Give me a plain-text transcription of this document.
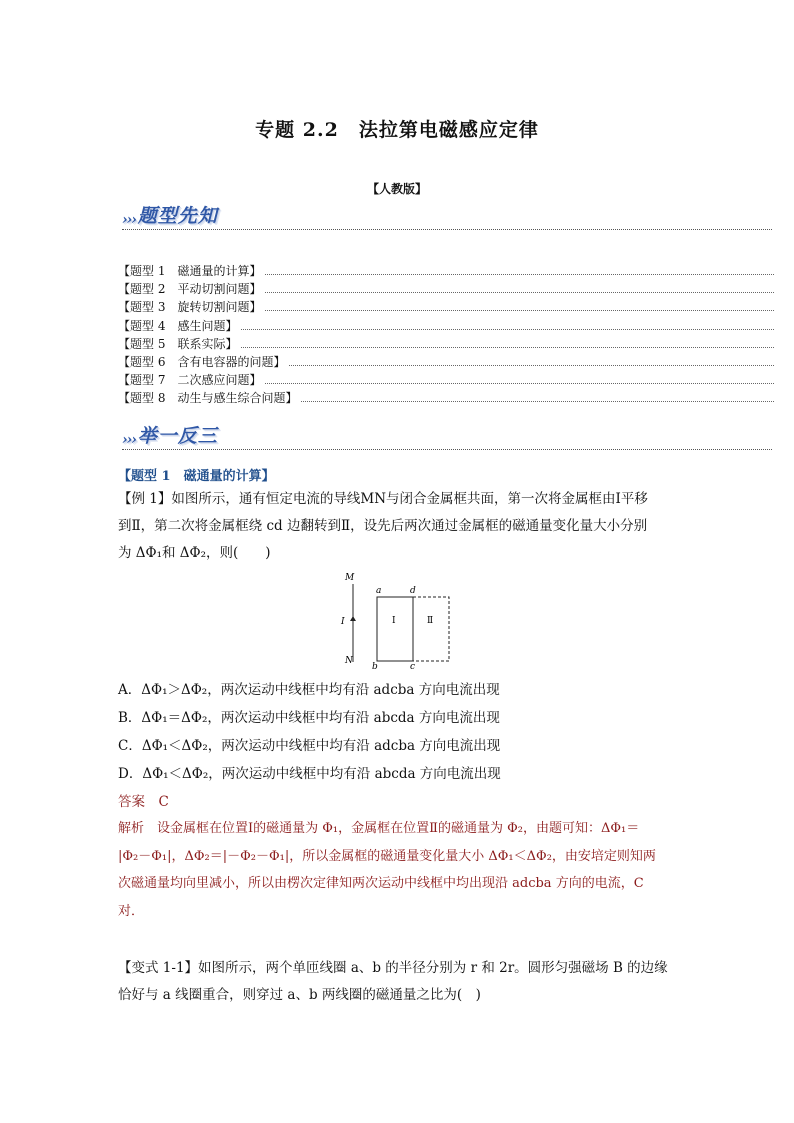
专题 2.2　法拉第电磁感应定律
【人教版】
››› 题型先知
【题型 1　磁通量的计算】
【题型 2　平动切割问题】
【题型 3　旋转切割问题】
【题型 4　感生问题】
【题型 5　联系实际】
【题型 6　含有电容器的问题】
【题型 7　二次感应问题】
【题型 8　动生与感生综合问题】
››› 举一反三
【题型 1　磁通量的计算】
【例 1】如图所示，通有恒定电流的导线MN与闭合金属框共面，第一次将金属框由Ⅰ平移
到Ⅱ，第二次将金属框绕 cd 边翻转到Ⅱ，设先后两次通过金属框的磁通量变化量大小分别
为 ΔΦ₁和 ΔΦ₂，则(　　)
M
I
N
a	d
b	c
Ⅰ	Ⅱ
A．ΔΦ₁＞ΔΦ₂，两次运动中线框中均有沿 adcba 方向电流出现
B．ΔΦ₁＝ΔΦ₂，两次运动中线框中均有沿 abcda 方向电流出现
C．ΔΦ₁＜ΔΦ₂，两次运动中线框中均有沿 adcba 方向电流出现
D．ΔΦ₁＜ΔΦ₂，两次运动中线框中均有沿 abcda 方向电流出现
答案　 C
解析　设金属框在位置Ⅰ的磁通量为 Φ₁，金属框在位置Ⅱ的磁通量为 Φ₂，由题可知：ΔΦ₁＝
|Φ₂－Φ₁|，ΔΦ₂＝|－Φ₂－Φ₁|，所以金属框的磁通量变化量大小 ΔΦ₁＜ΔΦ₂，由安培定则知两
次磁通量均向里减小，所以由楞次定律知两次运动中线框中均出现沿 adcba 方向的电流，C
对．
【变式 1-1】如图所示，两个单匝线圈 a、b 的半径分别为 r 和 2r。圆形匀强磁场 B 的边缘
恰好与 a 线圈重合，则穿过 a、b 两线圈的磁通量之比为(　)
